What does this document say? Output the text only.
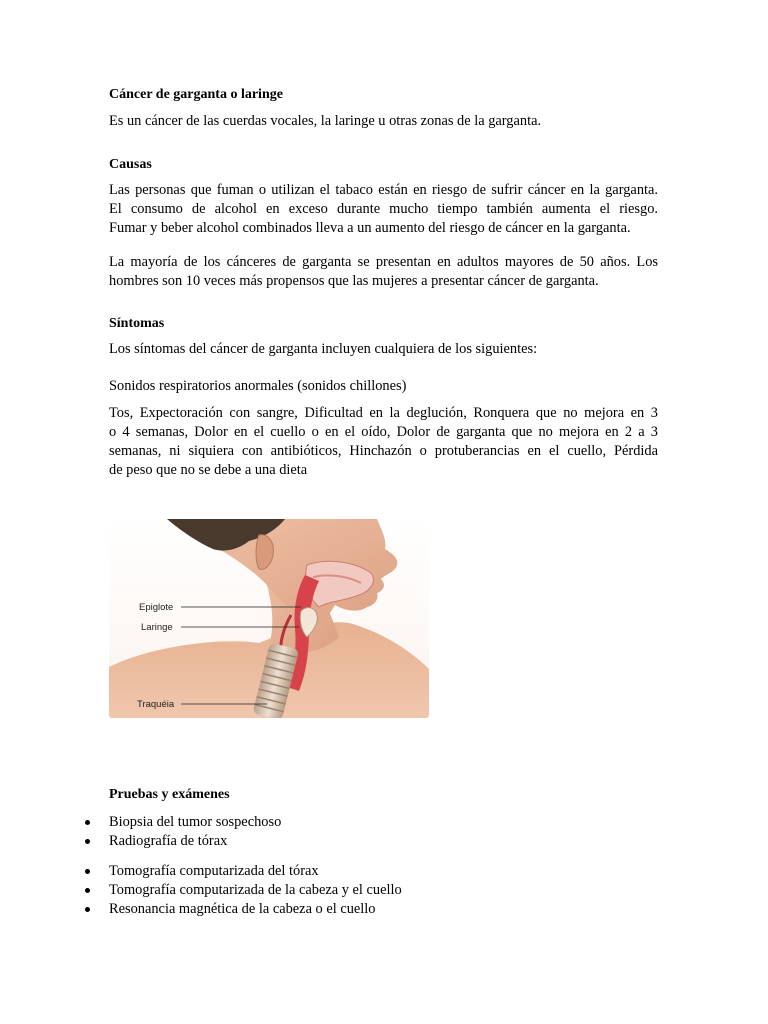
Cáncer de garganta o laringe

Es un cáncer de las cuerdas vocales, la laringe u otras zonas de la garganta.

Causas

Las personas que fuman o utilizan el tabaco están en riesgo de sufrir cáncer en la garganta.
El consumo de alcohol en exceso durante mucho tiempo también aumenta el riesgo.
Fumar y beber alcohol combinados lleva a un aumento del riesgo de cáncer en la garganta.

La mayoría de los cánceres de garganta se presentan en adultos mayores de 50 años. Los
hombres son 10 veces más propensos que las mujeres a presentar cáncer de garganta.

Síntomas

Los síntomas del cáncer de garganta incluyen cualquiera de los siguientes:

Sonidos respiratorios anormales (sonidos chillones)

Tos, Expectoración con sangre, Dificultad en la deglución, Ronquera que no mejora en 3
o 4 semanas, Dolor en el cuello o en el oído, Dolor de garganta que no mejora en 2 a 3
semanas, ni siquiera con antibióticos, Hinchazón o protuberancias en el cuello, Pérdida
de peso que no se debe a una dieta

Pruebas y exámenes
Biopsia del tumor sospechoso
Radiografía de tórax
Tomografía computarizada del tórax
Tomografía computarizada de la cabeza y el cuello
Resonancia magnética de la cabeza o el cuello
Epiglote
Laringe
Traquéia
